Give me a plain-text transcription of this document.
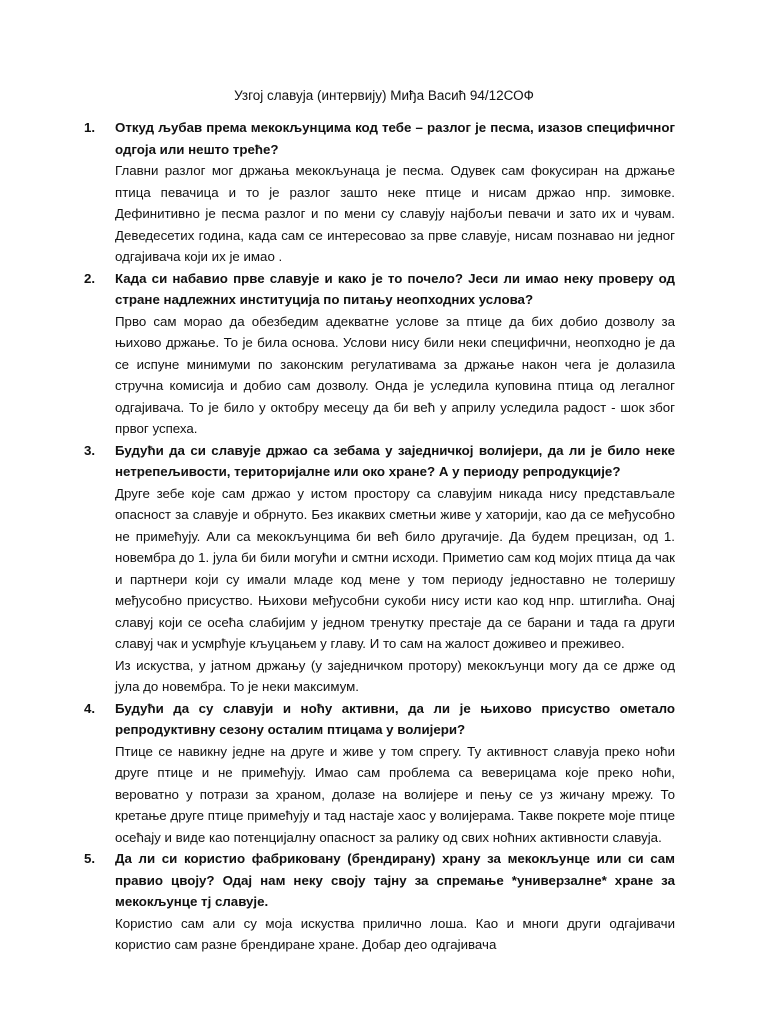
Узгој славуја (интервију) Миђа Васић 94/12СОФ
1. Откуд љубав према мекокљунцима код тебе – разлог је песма, изазов специфичног одгоја или нешто треће?

Главни разлог мог држања мекокљунаца је песма. Одувек сам фокусиран на држање птица певачица и то је разлог зашто неке птице и нисам држао нпр. зимовке. Дефинитивно је песма разлог и по мени су славују најбољи певачи и зато их и чувам. Деведесетих година, када сам се интересовао за прве славује, нисам познавао ни једног одгајивача који их је имао .

2. Када си набавио прве славује и како је то почело? Јеси ли имао неку проверу од стране надлежних институција по питању неопходних услова?

Прво сам морао да обезбедим адекватне услове за птице да бих добио дозволу за њихово држање. То је била основа. Услови нису били неки специфични, неопходно је да се испуне минимуми по законским регулативама за држање након чега је долазила стручна комисија и добио сам дозволу. Онда је уследила куповина птица од легалног одгајивача. То је било у октобру месецу да би већ у априлу уследила радост - шок због првог успеха.

3. Будући да си славује држао са зебама у заједничкој волијери, да ли је било неке нетрепељивости, територијалне или око хране? А у периоду репродукције?

Друге зебе које сам држао у истом простору са славујим никада нису представљале опасност за славује и обрнуто. Без икаквих сметњи живе у хаторији, као да се међусобно не примећују. Али са мекокљунцима би већ било другачије. Да будем прецизан, од 1. новембра до 1. јула би били могући и смтни исходи. Приметио сам код мојих птица да чак и партнери који су имали младе код мене у том периоду једноставно не толеришу међусобно присуство. Њихови међусобни сукоби нису исти као код нпр. штиглића. Онај славуј који се осећа слабијим у једном тренутку престаје да се барани и тада га други славуј чак и усмрћује кљуцањем у главу. И то сам на жалост доживео и преживео.

Из искуства, у јатном држању (у заједничком протору) мекокљунци могу да се држе од јула до новембра. То је неки максимум.

4. Будући да су славуји и ноћу активни, да ли је њихово присуство ометало репродуктивну сезону осталим птицама у волијери?

Птице се навикну једне на друге и живе у том спрегу. Ту активност славуја преко ноћи друге птице и не примећују. Имао сам проблема са веверицама које преко ноћи, вероватно у потрази за храном, долазе на волијере и пењу се уз жичану мрежу. То кретање друге птице примећују и тад настаје хаос у волијерама. Такве покрете моје птице осећају и виде као потенцијалну опасност за ралику од свих ноћних активности славуја.

5. Да ли си користио фабриковану (брендирану) храну за мекокљунце или си сам правио цвоју? Одај нам неку своју тајну за спремање *универзалне* хране за мекокљунце тј славује.

Користио сам али су моја искуства прилично лоша. Као и многи други одгајивачи користио сам разне брендиране хране. Добар део одгајивача
